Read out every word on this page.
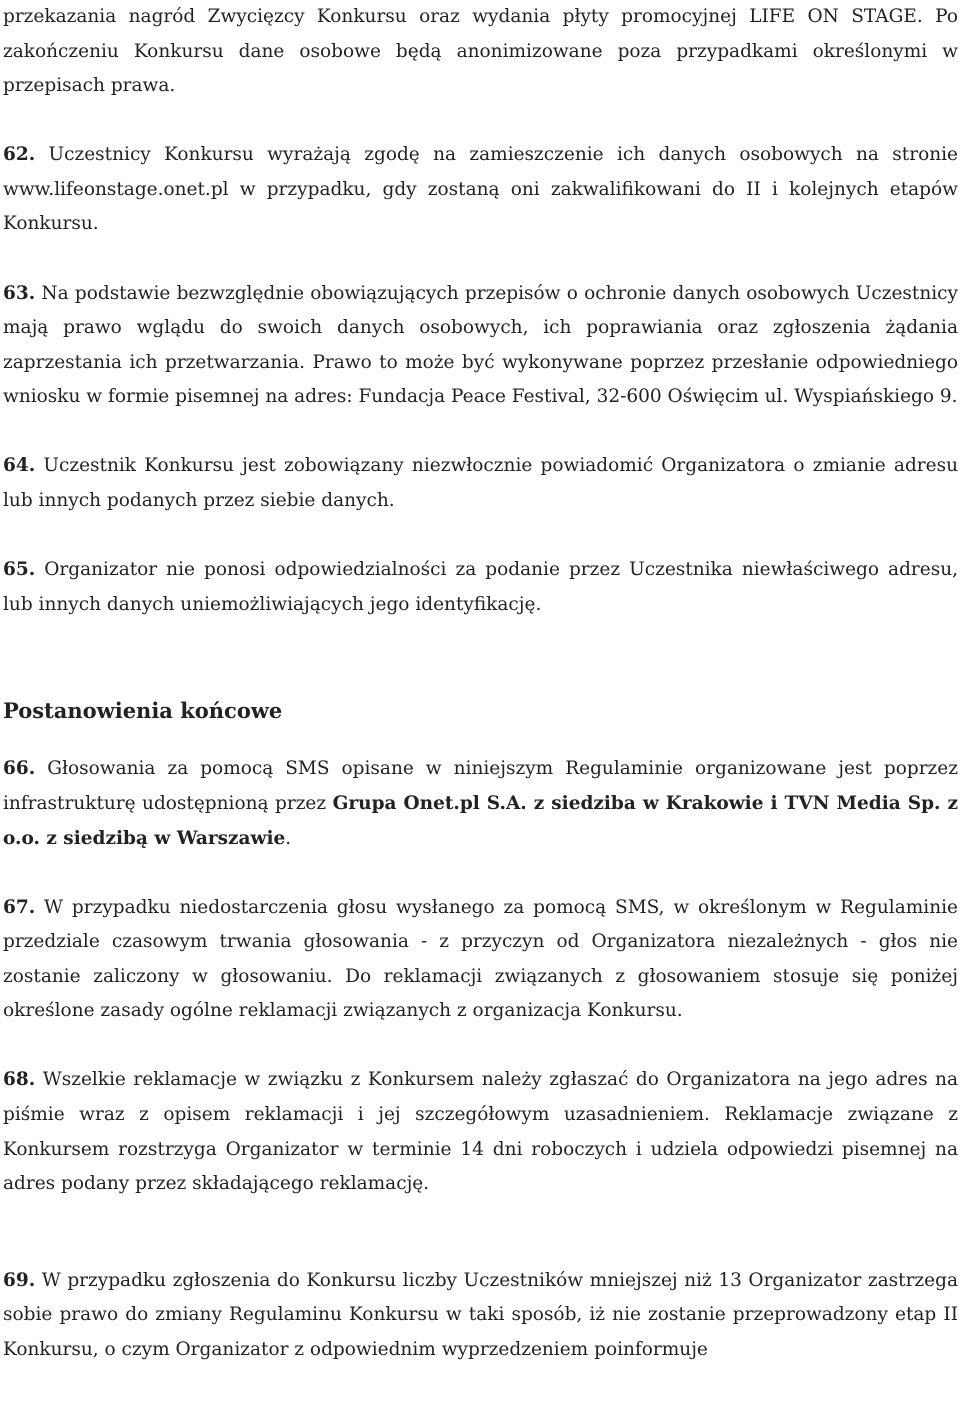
przekazania nagród Zwycięzcy Konkursu oraz wydania płyty promocyjnej LIFE ON STAGE. Po zakończeniu Konkursu dane osobowe będą anonimizowane poza przypadkami określonymi w przepisach prawa.

62. Uczestnicy Konkursu wyrażają zgodę na zamieszczenie ich danych osobowych na stronie www.lifeonstage.onet.pl w przypadku, gdy zostaną oni zakwalifikowani do II i kolejnych etapów Konkursu.

63. Na podstawie bezwzględnie obowiązujących przepisów o ochronie danych osobowych Uczestnicy mają prawo wglądu do swoich danych osobowych, ich poprawiania oraz zgłoszenia żądania zaprzestania ich przetwarzania. Prawo to może być wykonywane poprzez przesłanie odpowiedniego wniosku w formie pisemnej na adres: Fundacja Peace Festival, 32-600 Oświęcim ul. Wyspiańskiego 9.

64. Uczestnik Konkursu jest zobowiązany niezwłocznie powiadomić Organizatora o zmianie adresu lub innych podanych przez siebie danych.

65. Organizator nie ponosi odpowiedzialności za podanie przez Uczestnika niewłaściwego adresu, lub innych danych uniemożliwiających jego identyfikację.

Postanowienia końcowe

66. Głosowania za pomocą SMS opisane w niniejszym Regulaminie organizowane jest poprzez infrastrukturę udostępnioną przez Grupa Onet.pl S.A. z siedziba w Krakowie i TVN Media Sp. z o.o. z siedzibą w Warszawie.

67. W przypadku niedostarczenia głosu wysłanego za pomocą SMS, w określonym w Regulaminie przedziale czasowym trwania głosowania - z przyczyn od Organizatora niezależnych - głos nie zostanie zaliczony w głosowaniu. Do reklamacji związanych z głosowaniem stosuje się poniżej określone zasady ogólne reklamacji związanych z organizacja Konkursu.

68. Wszelkie reklamacje w związku z Konkursem należy zgłaszać do Organizatora na jego adres na piśmie wraz z opisem reklamacji i jej szczegółowym uzasadnieniem. Reklamacje związane z Konkursem rozstrzyga Organizator w terminie 14 dni roboczych i udziela odpowiedzi pisemnej na adres podany przez składającego reklamację.

69. W przypadku zgłoszenia do Konkursu liczby Uczestników mniejszej niż 13 Organizator zastrzega sobie prawo do zmiany Regulaminu Konkursu w taki sposób, iż nie zostanie przeprowadzony etap II Konkursu, o czym Organizator z odpowiednim wyprzedzeniem poinformuje
